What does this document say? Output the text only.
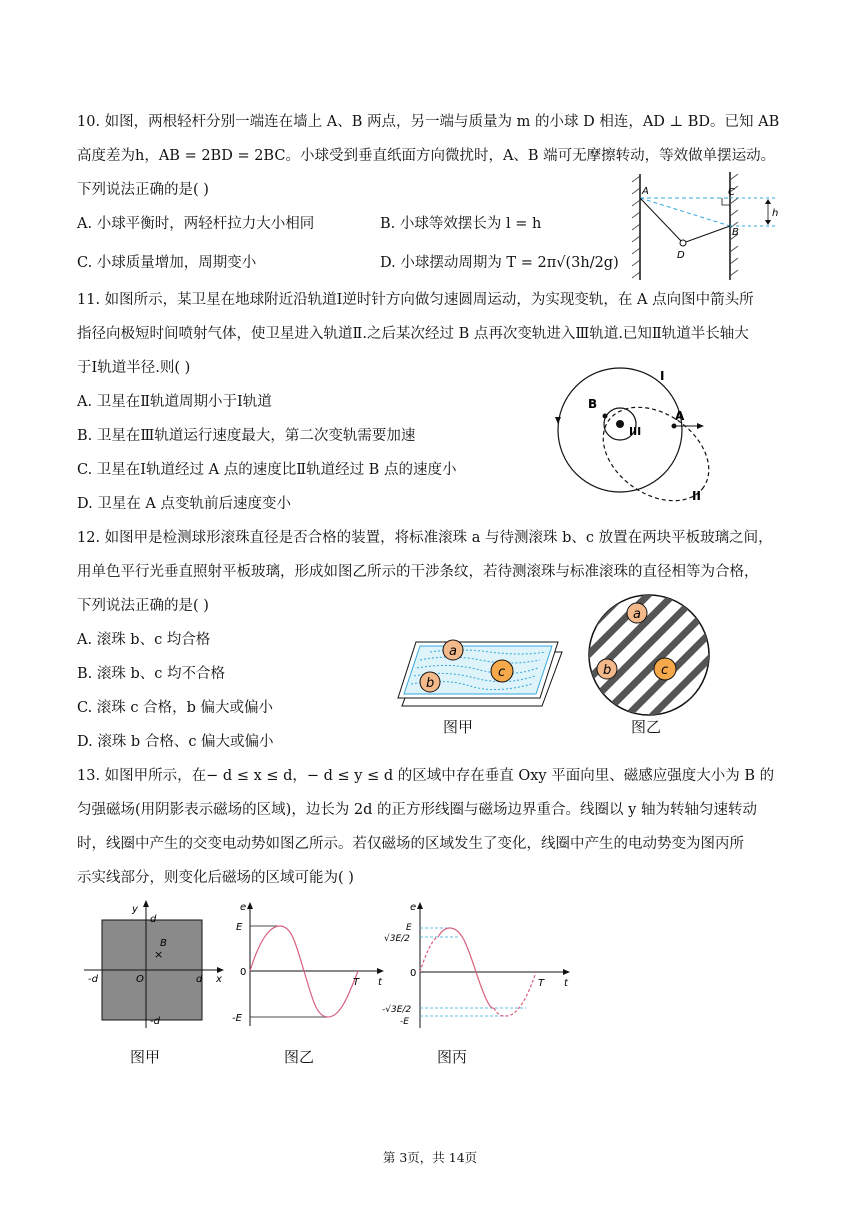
10. 如图，两根轻杆分别一端连在墙上 A、B 两点，另一端与质量为 m 的小球 D 相连，AD ⊥ BD。已知 AB
高度差为h，AB = 2BD = 2BC。小球受到垂直纸面方向微扰时，A、B 端可无摩擦转动，等效做单摆运动。
下列说法正确的是( )
A. 小球平衡时，两轻杆拉力大小相同	B. 小球等效摆长为 l = h
C. 小球质量增加，周期变小	D. 小球摆动周期为 T = 2π√(3h/2g)
A	C
B
D
h
11. 如图所示，某卫星在地球附近沿轨道Ⅰ逆时针方向做匀速圆周运动，为实现变轨，在 A 点向图中箭头所
指径向极短时间喷射气体，使卫星进入轨道Ⅱ.之后某次经过 B 点再次变轨进入Ⅲ轨道.已知Ⅱ轨道半长轴大
于Ⅰ轨道半径.则( )
A. 卫星在Ⅱ轨道周期小于Ⅰ轨道
B. 卫星在Ⅲ轨道运行速度最大，第二次变轨需要加速
C. 卫星在Ⅰ轨道经过 A 点的速度比Ⅱ轨道经过 B 点的速度小
D. 卫星在 A 点变轨前后速度变小
I
II
III
A
B
12. 如图甲是检测球形滚珠直径是否合格的装置，将标准滚珠 a 与待测滚珠 b、c 放置在两块平板玻璃之间，
用单色平行光垂直照射平板玻璃，形成如图乙所示的干涉条纹，若待测滚珠与标准滚珠的直径相等为合格，
下列说法正确的是( )
A. 滚珠 b、c 均合格
B. 滚珠 b、c 均不合格
C. 滚珠 c 合格，b 偏大或偏小
D. 滚珠 b 合格、c 偏大或偏小
a
c
b
图甲
a
b	c
图乙
13. 如图甲所示，在− d ≤ x ≤ d，− d ≤ y ≤ d 的区域中存在垂直 Oxy 平面向里、磁感应强度大小为 B 的
匀强磁场(用阴影表示磁场的区域)，边长为 2d 的正方形线圈与磁场边界重合。线圈以 y 轴为转轴匀速转动
时，线圈中产生的交变电动势如图乙所示。若仅磁场的区域发生了变化，线圈中产生的电动势变为图丙所
示实线部分，则变化后磁场的区域可能为( )
y
d
x
d
-d
-d
O
B
×
图甲
e
E
0
-E
T t
图乙
e
E
√3E/2
0
-√3E/2
-E
T t
图丙
第 3页，共 14页
